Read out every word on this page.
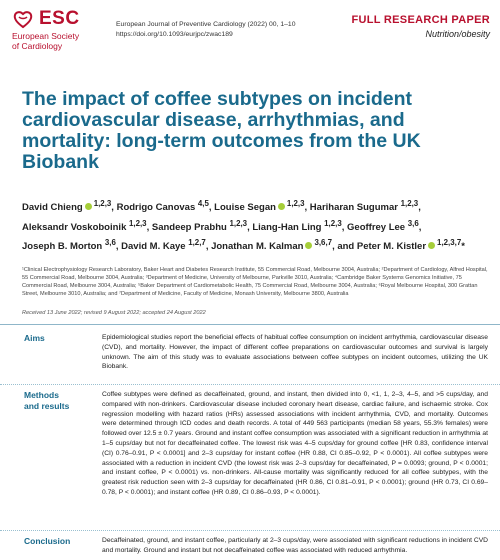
ESC
European Society
of Cardiology
European Journal of Preventive Cardiology (2022) 00, 1–10
https://doi.org/10.1093/eurjpc/zwac189
FULL RESEARCH PAPER
Nutrition/obesity
The impact of coffee subtypes on incident cardiovascular disease, arrhythmias, and mortality: long-term outcomes from the UK Biobank
David Chieng $^{1,2,3}$, Rodrigo Canovas $^{4,5}$, Louise Segan $^{1,2,3}$, Hariharan Sugumar $^{1,2,3}$, Aleksandr Voskoboinik $^{1,2,3}$, Sandeep Prabhu $^{1,2,3}$, Liang-Han Ling $^{1,2,3}$, Geoffrey Lee $^{3,6}$, Joseph B. Morton $^{3,6}$, David M. Kaye $^{1,2,7}$, Jonathan M. Kalman $^{3,6,7}$, and Peter M. Kistler $^{1,2,3,7}$*
¹Clinical Electrophysiology Research Laboratory, Baker Heart and Diabetes Research Institute, 55 Commercial Road, Melbourne 3004, Australia; ²Department of Cardiology, Alfred Hospital, 55 Commercial Road, Melbourne 3004, Australia; ³Department of Medicine, University of Melbourne, Parkville 3010, Australia; ⁴Cambridge Baker Systems Genomics Initiative, 75 Commercial Road, Melbourne 3004, Australia; ⁵Baker Department of Cardiometabolic Health, 75 Commercial Road, Melbourne 3004, Australia; ⁶Royal Melbourne Hospital, 300 Grattan Street, Melbourne 3010, Australia; and ⁷Department of Medicine, Faculty of Medicine, Monash University, Melbourne 3800, Australia
Received 13 June 2022; revised 9 August 2022; accepted 24 August 2022
Aims	Epidemiological studies report the beneficial effects of habitual coffee consumption on incident arrhythmia, cardiovascular disease (CVD), and mortality. However, the impact of different coffee preparations on cardiovascular outcomes and survival is largely unknown. The aim of this study was to evaluate associations between coffee subtypes on incident outcomes, utilizing the UK Biobank.
Methods
and results
Coffee subtypes were defined as decaffeinated, ground, and instant, then divided into 0, <1, 1, 2–3, 4–5, and >5 cups/day, and compared with non-drinkers. Cardiovascular disease included coronary heart disease, cardiac failure, and ischaemic stroke. Cox regression modelling with hazard ratios (HRs) assessed associations with incident arrhythmia, CVD, and mortality. Outcomes were determined through ICD codes and death records. A total of 449 563 participants (median 58 years, 55.3% females) were followed over 12.5 ± 0.7 years. Ground and instant coffee consumption was associated with a significant reduction in arrhythmia at 1–5 cups/day but not for decaffeinated coffee. The lowest risk was 4–5 cups/day for ground coffee [HR 0.83, confidence interval (CI) 0.76–0.91, P < 0.0001] and 2–3 cups/day for instant coffee (HR 0.88, CI 0.85–0.92, P < 0.0001). All coffee subtypes were associated with a reduction in incident CVD (the lowest risk was 2–3 cups/day for decaffeinated, P = 0.0093; ground, P < 0.0001; and instant coffee, P < 0.0001) vs. non-drinkers. All-cause mortality was significantly reduced for all coffee subtypes, with the greatest risk reduction seen with 2–3 cups/day for decaffeinated (HR 0.86, CI 0.81–0.91, P < 0.0001); ground (HR 0.73, CI 0.69–0.78, P < 0.0001); and instant coffee (HR 0.89, CI 0.86–0.93, P < 0.0001).
Conclusion	Decaffeinated, ground, and instant coffee, particularly at 2–3 cups/day, were associated with significant reductions in incident CVD and mortality. Ground and instant but not decaffeinated coffee was associated with reduced arrhythmia.
